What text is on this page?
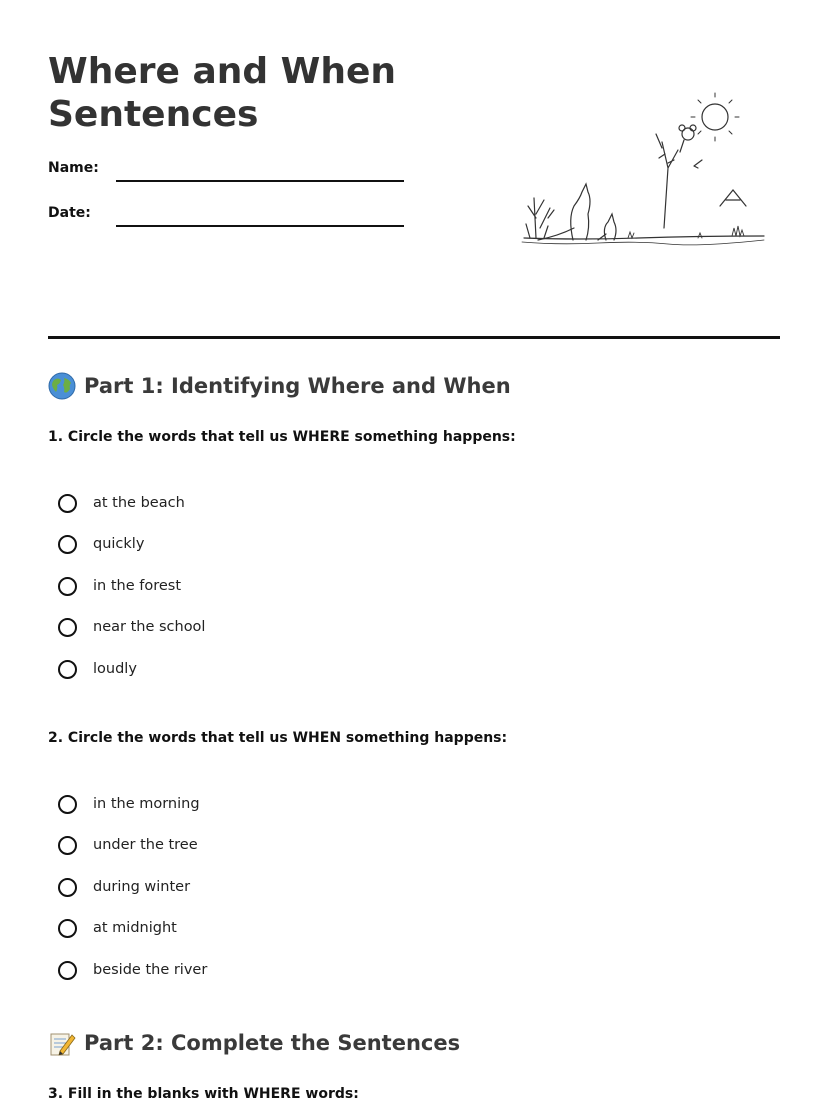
Where and When Sentences
Name:
Date:
Part 1: Identifying Where and When
1. Circle the words that tell us WHERE something happens:
at the beach
quickly
in the forest
near the school
loudly
2. Circle the words that tell us WHEN something happens:
in the morning
under the tree
during winter
at midnight
beside the river
Part 2: Complete the Sentences
3. Fill in the blanks with WHERE words:
